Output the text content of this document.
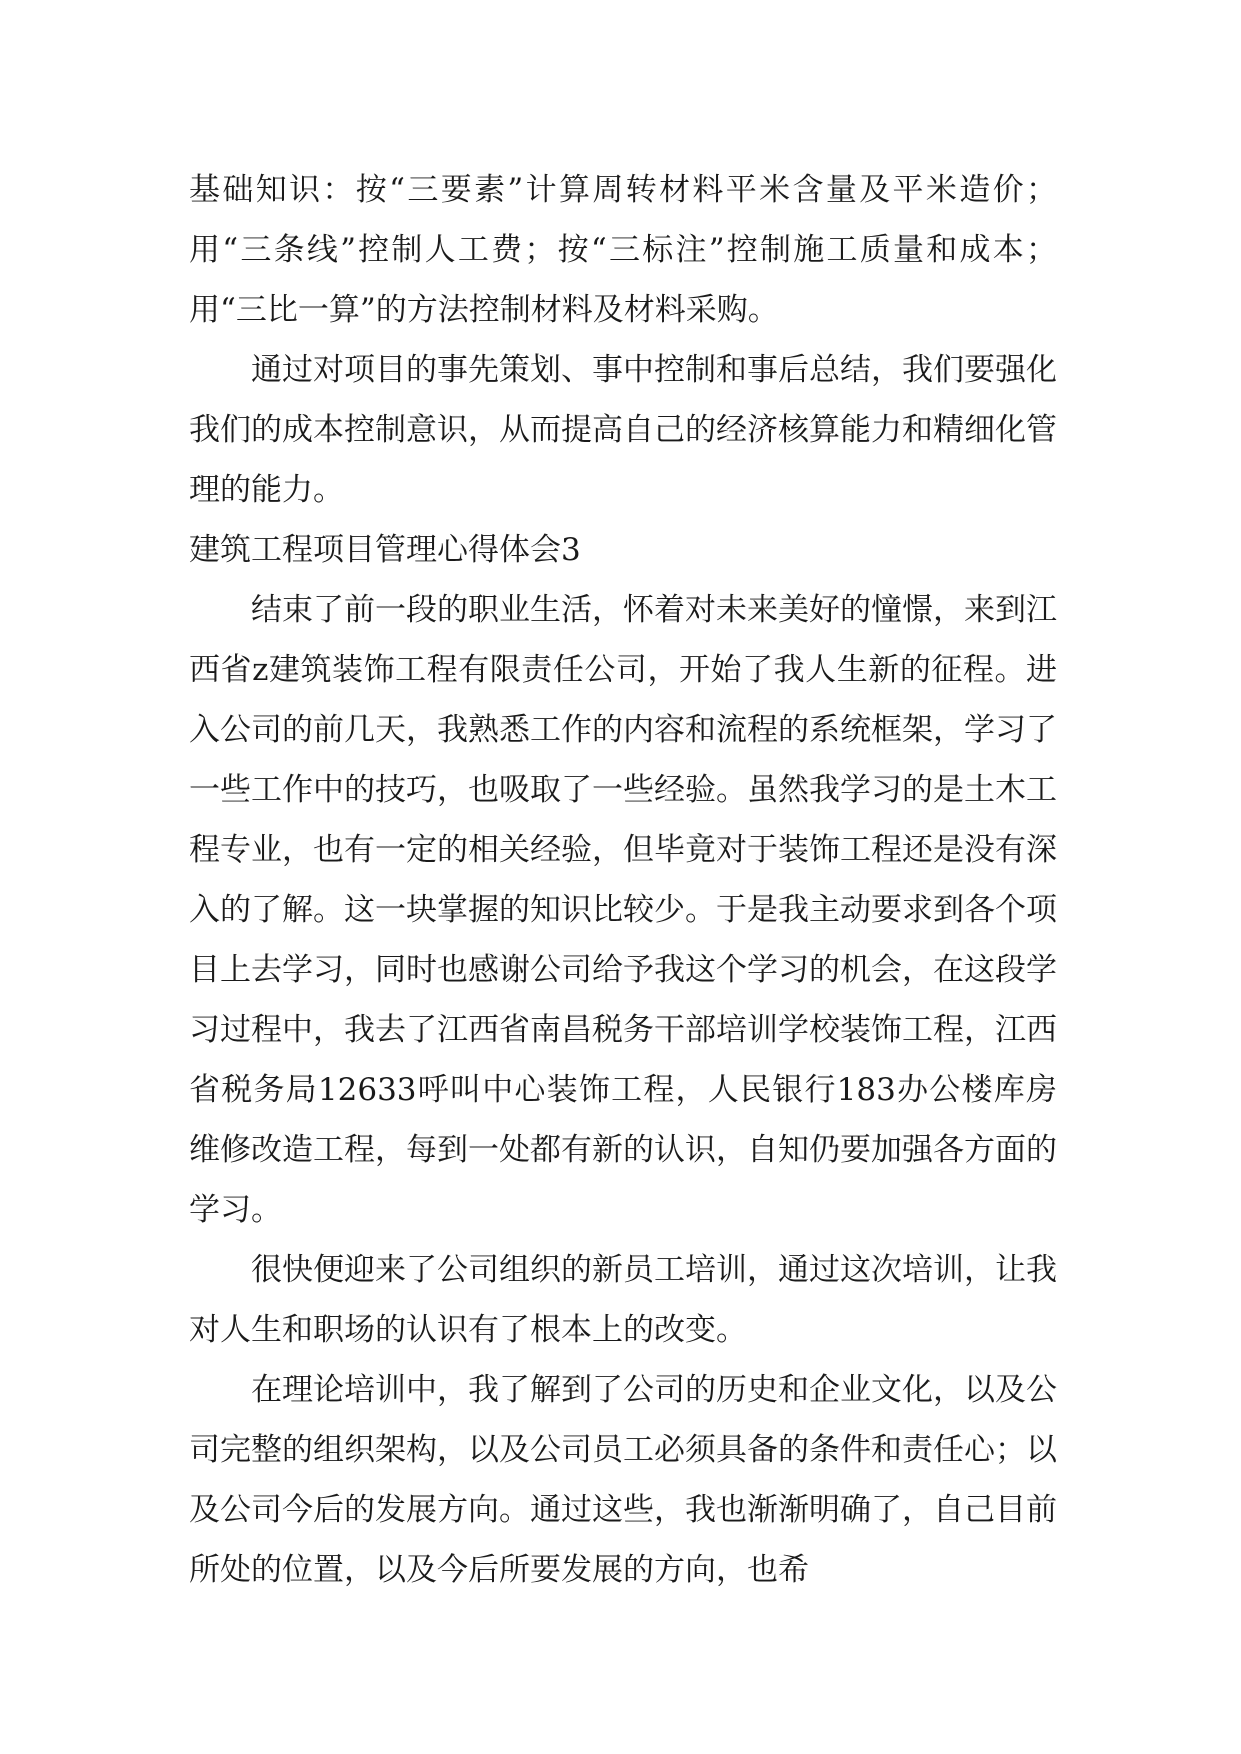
基础知识：按“三要素”计算周转材料平米含量及平米造价；用“三条线”控制人工费；按“三标注”控制施工质量和成本；用“三比一算”的方法控制材料及材料采购。

通过对项目的事先策划、事中控制和事后总结，我们要强化我们的成本控制意识，从而提高自己的经济核算能力和精细化管理的能力。

建筑工程项目管理心得体会3

结束了前一段的职业生活，怀着对未来美好的憧憬，来到江西省z建筑装饰工程有限责任公司，开始了我人生新的征程。进入公司的前几天，我熟悉工作的内容和流程的系统框架，学习了一些工作中的技巧，也吸取了一些经验。虽然我学习的是土木工程专业，也有一定的相关经验，但毕竟对于装饰工程还是没有深入的了解。这一块掌握的知识比较少。于是我主动要求到各个项目上去学习，同时也感谢公司给予我这个学习的机会，在这段学习过程中，我去了江西省南昌税务干部培训学校装饰工程，江西省税务局12633呼叫中心装饰工程，人民银行183办公楼库房维修改造工程，每到一处都有新的认识，自知仍要加强各方面的学习。

很快便迎来了公司组织的新员工培训，通过这次培训，让我对人生和职场的认识有了根本上的改变。

在理论培训中，我了解到了公司的历史和企业文化，以及公司完整的组织架构，以及公司员工必须具备的条件和责任心；以及公司今后的发展方向。通过这些，我也渐渐明确了，自己目前所处的位置，以及今后所要发展的方向，也希
